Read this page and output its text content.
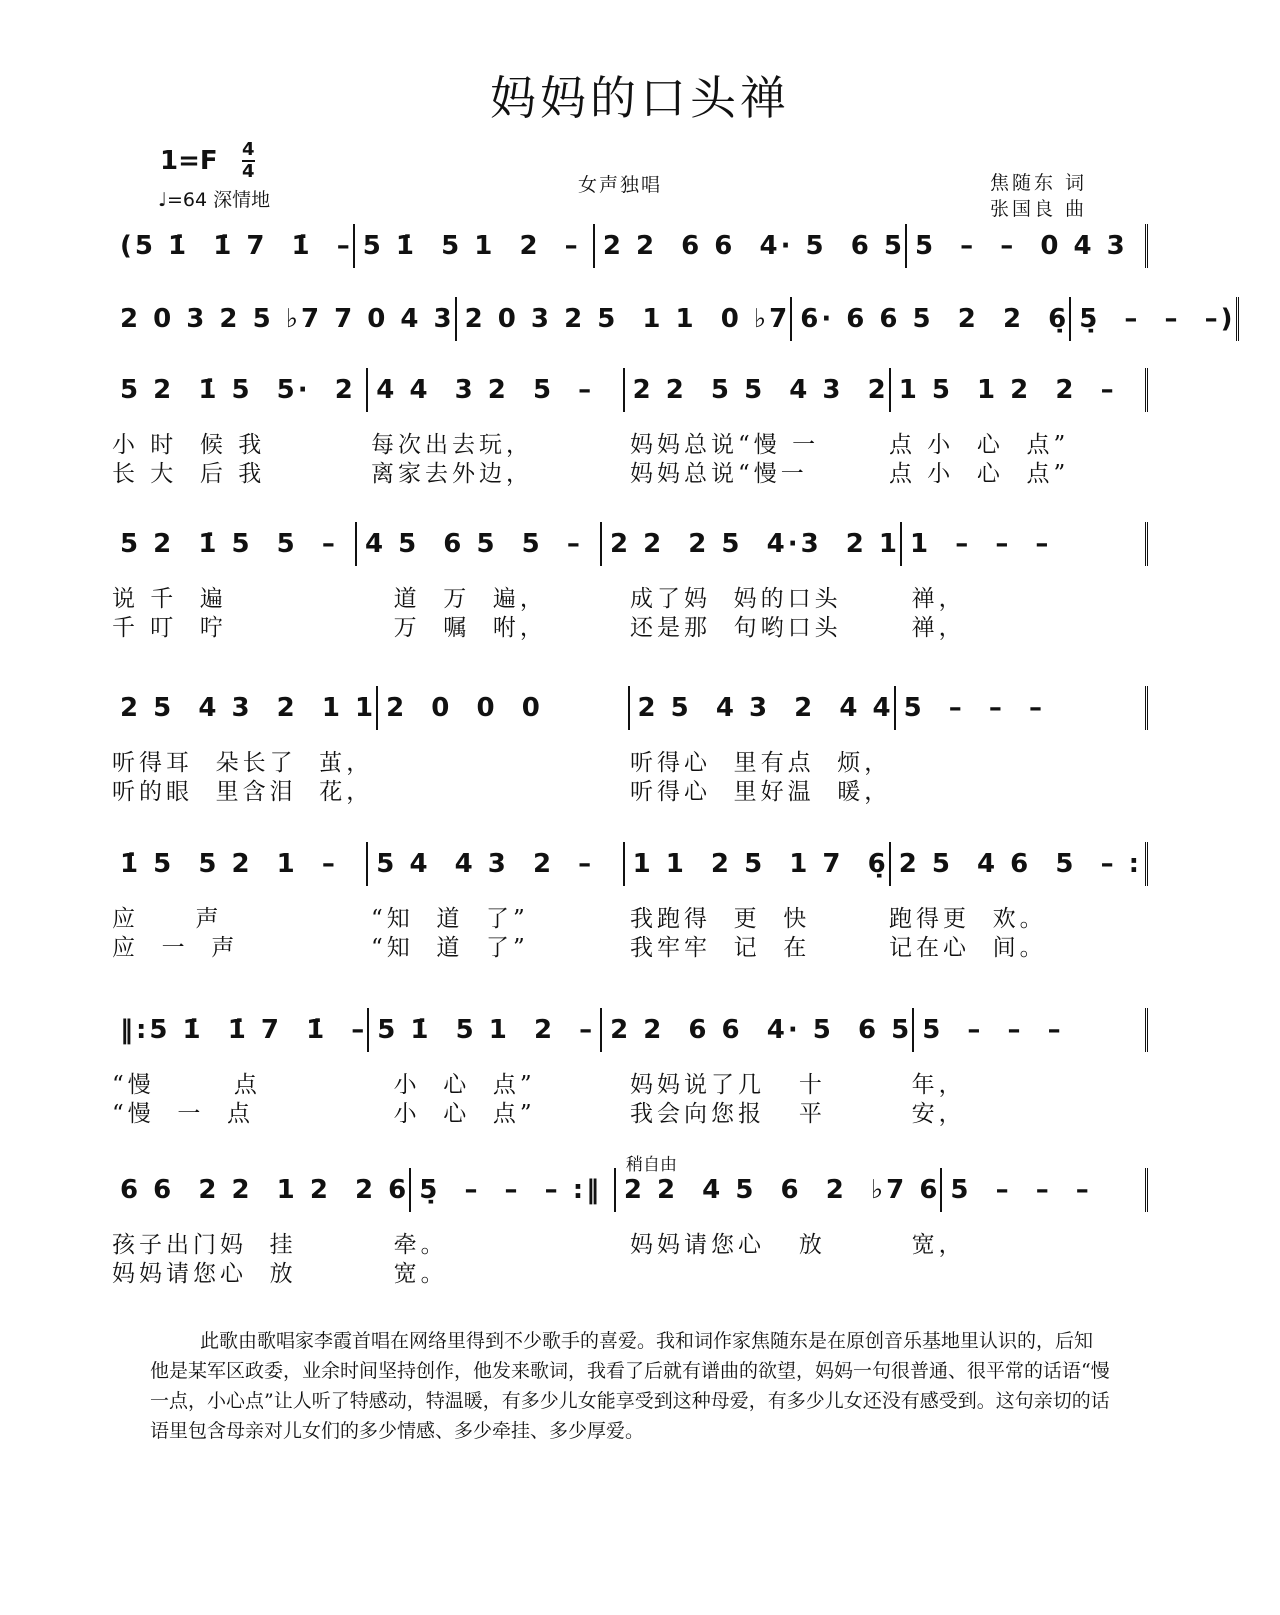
妈妈的口头禅
1=F 4
4
♩=64 深情地
女声独唱	焦随东 词
张国良 曲
稍自由
(5 1̇  1̇ 7  1̇  – 5 1̇  5 1  2  – 2 2  6 6  4· 5  6 5 5  –  –  0 4 3
2 0 3 2 5 ♭7 7 0 4 3 2 0 3 2 5  1 1  0 ♭7 6· 6 6 5  2  2  6̣ 5̣  –  –  –)
5 2  1̇ 5  5·  2 4 4  3 2  5  –	2 2  5 5  4 3  2 1 5  1 2  2  –
小 时  候 我	每次出去玩，	妈妈总说“慢 一	点 小  心  点”
长 大  后 我	离家去外边，	妈妈总说“慢一	点 小  心  点”
5 2  1̇ 5  5  –	4 5  6 5  5  –	2 2  2 5  4·3  2 1 1  –  –  –
说 千  遍	道  万  遍，	成了妈  妈的口头	禅，
千 叮  咛	万  嘱  咐，	还是那  句哟口头	禅，
2 5  4 3  2  1 1 2  0  0  0	2 5  4 3  2  4 4 5  –  –  –
听得耳  朵长了  茧，	听得心  里有点  烦，
听的眼  里含泪  花，	听得心  里好温  暖，
1̇ 5  5 2  1  –	5 4  4 3  2  –	1 1  2 5  1 7  6̣ 2 5  4 6  5  – :
应     声	“知  道  了”	我跑得  更  快	跑得更  欢。
应  一  声	“知  道  了”	我牢牢  记  在	记在心  间。
‖:5 1̇  1̇ 7  1̇  – 5 1̇  5 1  2  – 2 2  6 6  4· 5  6 5 5  –  –  –
“慢       点	小  心  点”	妈妈说了几   十	年，
“慢  一  点	小  心  点”	我会向您报   平	安，
6 6  2 2  1 2  2 6 5̣  –  –  – :‖ 2 2  4 5  6  2  ♭7 6 5  –  –  –
孩子出门妈  挂	牵。	妈妈请您心   放	宽，
妈妈请您心  放	宽。
此歌由歌唱家李霞首唱在网络里得到不少歌手的喜爱。我和词作家焦随东是在原创音乐基地里认识的，后知他是某军区政委，业余时间坚持创作，他发来歌词，我看了后就有谱曲的欲望，妈妈一句很普通、很平常的话语“慢一点，小心点”让人听了特感动，特温暖，有多少儿女能享受到这种母爱，有多少儿女还没有感受到。这句亲切的话语里包含母亲对儿女们的多少情感、多少牵挂、多少厚爱。
